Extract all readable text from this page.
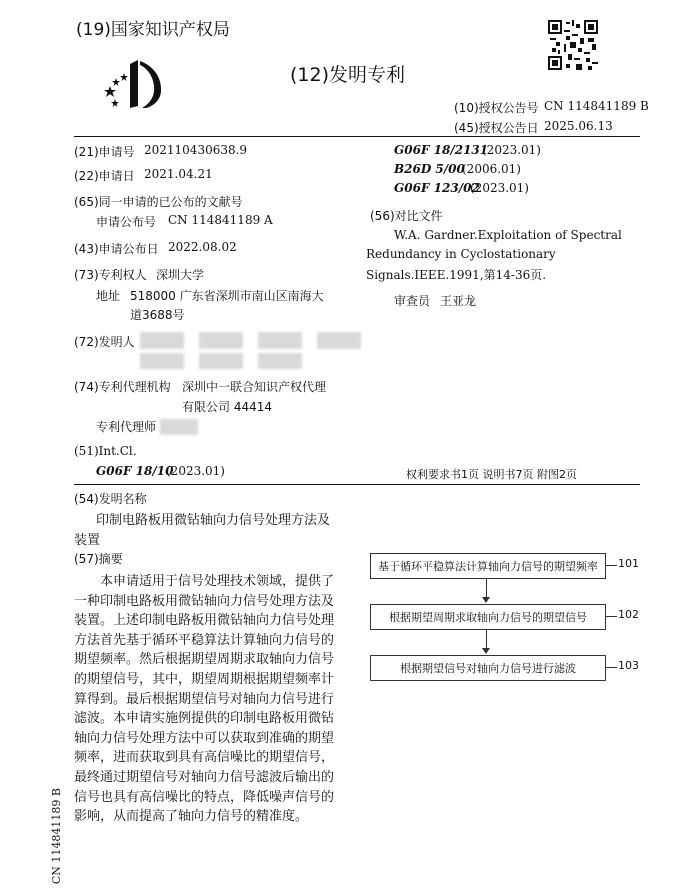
(19)国家知识产权局
(12)发明专利
(10)授权公告号 CN 114841189 B
(45)授权公告日 2025.06.13
(21)申请号 202110430638.9
(22)申请日 2021.04.21
(65)同一申请的已公布的文献号
申请公布号 CN 114841189 A
(43)申请公布日 2022.08.02
(73)专利权人 深圳大学
地址 518000 广东省深圳市南山区南海大
道3688号
(72)发明人

(74)专利代理机构 深圳中一联合知识产权代理
有限公司 44414
专利代理师
(51)Int.Cl.
G06F 18/10
(2023.01)
G06F 18/2131
(2023.01)
B26D 5/00
(2006.01)
G06F 123/02
(2023.01)
(56)对比文件
W.A. Gardner.Exploitation of Spectral
Redundancy in Cyclostationary
Signals.IEEE.1991,第14-36页.
审查员 王亚龙
权利要求书1页 说明书7页 附图2页
(54)发明名称
印制电路板用微钻轴向力信号处理方法及
装置
(57)摘要
本申请适用于信号处理技术领域，提供了一种印制电路板用微钻轴向力信号处理方法及装置。上述印制电路板用微钻轴向力信号处理方法首先基于循环平稳算法计算轴向力信号的期望频率。然后根据期望周期求取轴向力信号的期望信号，其中，期望周期根据期望频率计算得到。最后根据期望信号对轴向力信号进行滤波。本申请实施例提供的印制电路板用微钻轴向力信号处理方法中可以获取到准确的期望频率，进而获取到具有高信噪比的期望信号，最终通过期望信号对轴向力信号滤波后输出的信号也具有高信噪比的特点，降低噪声信号的影响，从而提高了轴向力信号的精准度。
基于循环平稳算法计算轴向力信号的期望频率 101
根据期望周期求取轴向力信号的期望信号	102
根据期望信号对轴向力信号进行滤波	103
CN 114841189 B
